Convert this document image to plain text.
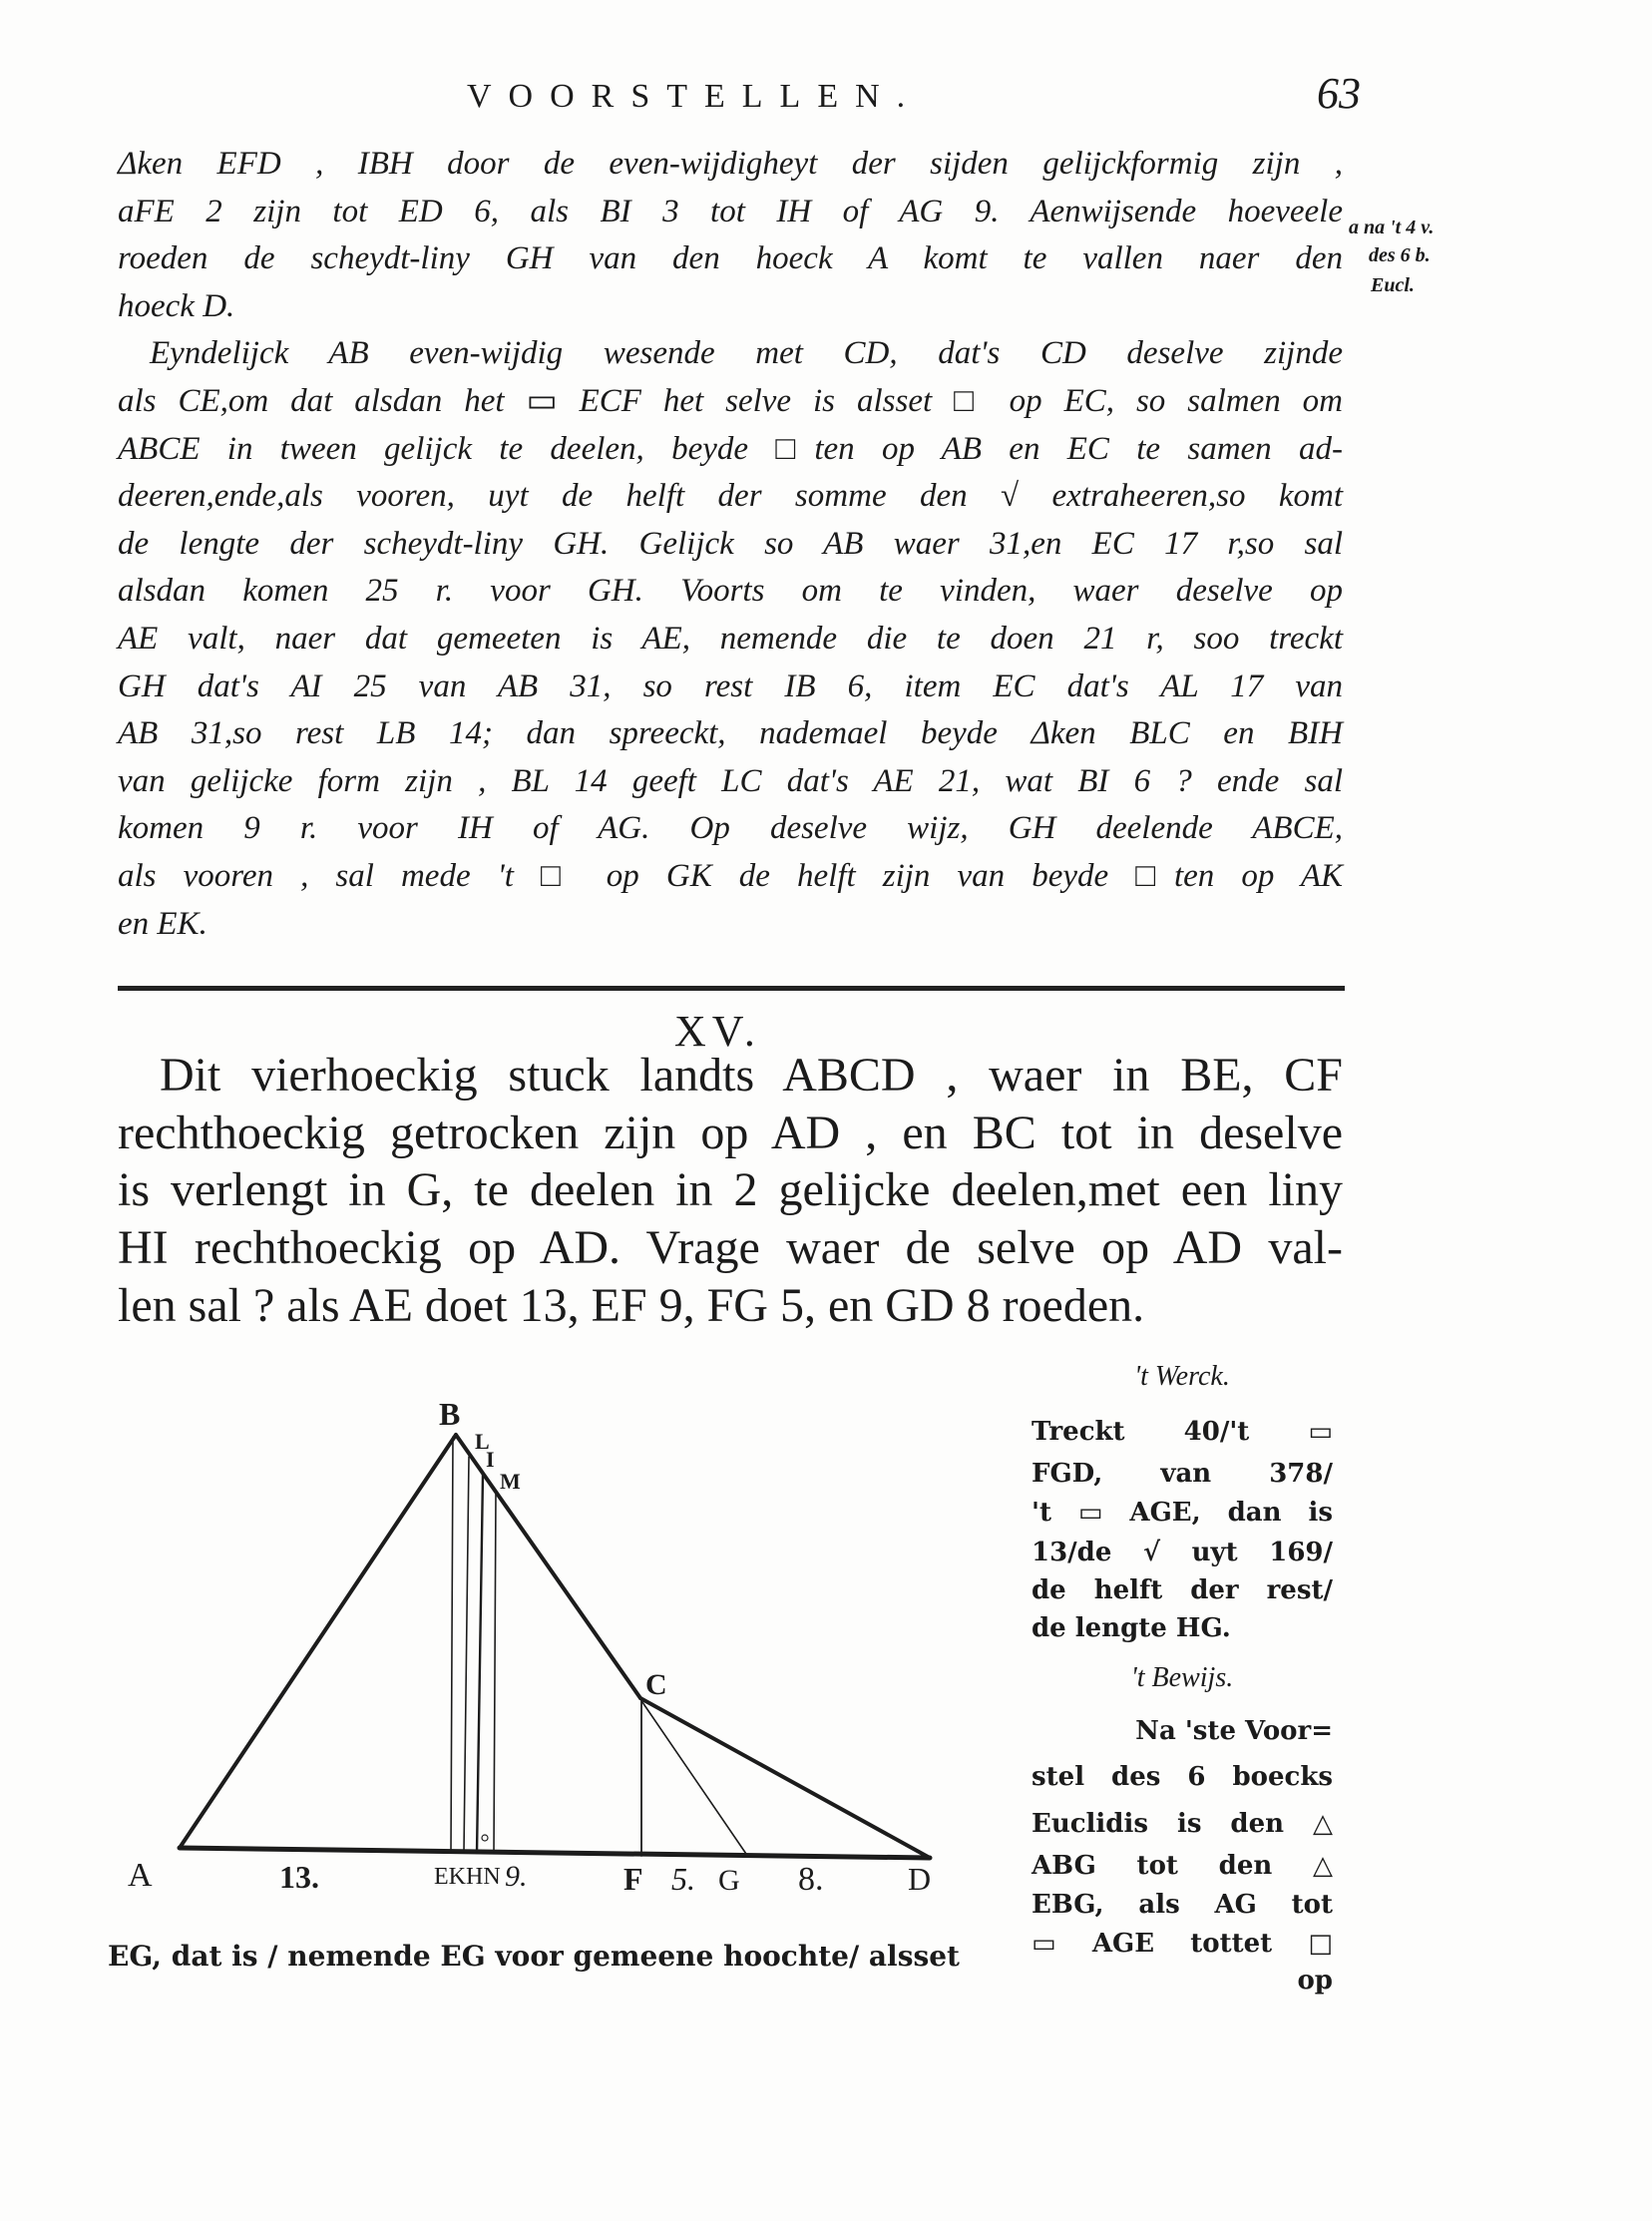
VOORSTELLEN.	63
Δken EFD , IBH door de even-wijdigheyt der sijden gelijckformig zijn ,
aFE 2 zijn tot ED 6, als BI 3 tot IH of AG 9. Aenwijsende hoeveele
roeden de scheydt-liny GH van den hoeck A komt te vallen naer den
hoeck D.
Eyndelijck AB even-wijdig wesende met CD, dat's CD deselve zijnde
als CE,om dat alsdan het ▭ ECF het selve is alsset □ op EC, so salmen om
ABCE in tween gelijck te deelen, beyde □ten op AB en EC te samen ad-
deeren,ende,als vooren, uyt de helft der somme den √ extraheeren,so komt
de lengte der scheydt-liny GH. Gelijck so AB waer 31,en EC 17 r,so sal
alsdan komen 25 r. voor GH. Voorts om te vinden, waer deselve op
AE valt, naer dat gemeeten is AE, nemende die te doen 21 r, soo treckt
GH dat's AI 25 van AB 31, so rest IB 6, item EC dat's AL 17 van
AB 31,so rest LB 14; dan spreeckt, nademael beyde Δken BLC en BIH
van gelijcke form zijn , BL 14 geeft LC dat's AE 21, wat BI 6 ? ende sal
komen 9 r. voor IH of AG. Op deselve wijz, GH deelende ABCE,
als vooren , sal mede 't □ op GK de helft zijn van beyde □ten op AK
en EK.
a na 't 4 v.
des 6 b.
Eucl.
XV.
Dit vierhoeckig stuck landts ABCD , waer in BE, CF
rechthoeckig getrocken zijn op AD , en BC tot in deselve
is verlengt in G, te deelen in 2 gelijcke deelen,met een liny
HI rechthoeckig op AD. Vrage waer de selve op AD val-
len sal ? als AE doet 13, EF 9, FG 5, en GD 8 roeden.
B
L
I
M
C
A	13.	EKHN 9.	F 5. G 8.	D
't Werck.
Treckt 40/'t ▭
FGD, van 378/
't ▭ AGE, dan is
13/de √ uyt 169/
de helft der rest/
de lengte HG.
't Bewijs.
Na 'ste Voor=
stel des 6 boecks
Euclidis is den △
ABG tot den △
EBG, als AG tot
▭ AGE tottet □
op
EG, dat is / nemende EG voor gemeene hoochte/ alsset
